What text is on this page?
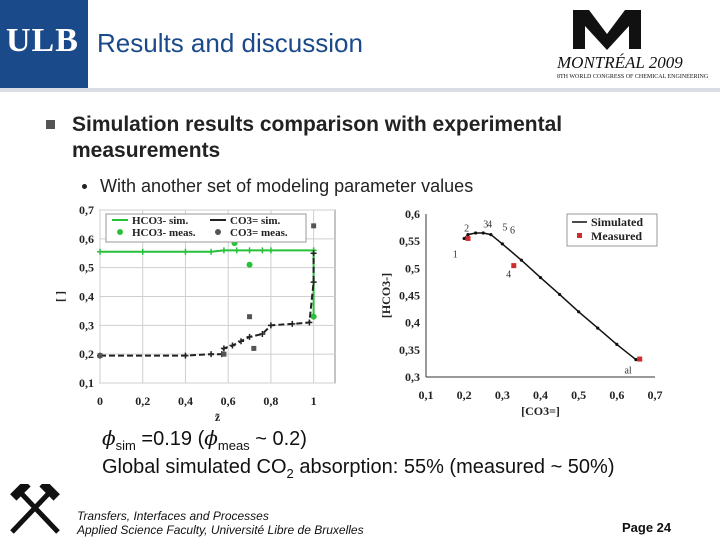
ULB Results and discussion
MONTRÉAL 2009
8TH WORLD CONGRESS OF CHEMICAL ENGINEERING
Simulation results comparison with experimental measurements
With another set of modeling parameter values
0,1
0,2
0,3
0,4
0,5
0,6
0,7
0	0,2 0,4 0,6 0,8	1
z̃
[ ]
HCO3- sim.
HCO3- meas.
CO3= sim.
CO3= meas.
0,3
0,35
0,4
0,45
0,5
0,55
0,6
0,1 0,2 0,3 0,4 0,5 0,6 0,7
[CO3=]
[HCO3-]
1
2 3
4 5 6
4
al
Simulated
Measured
$\phi_{sim} =0.19$ ($\phi_{meas}$ ~ 0.2)
Global simulated $CO_2$ absorption: 55% (measured ~ 50%)
Transfers, Interfaces and Processes
Applied Science Faculty, Université Libre de Bruxelles	Page 24
